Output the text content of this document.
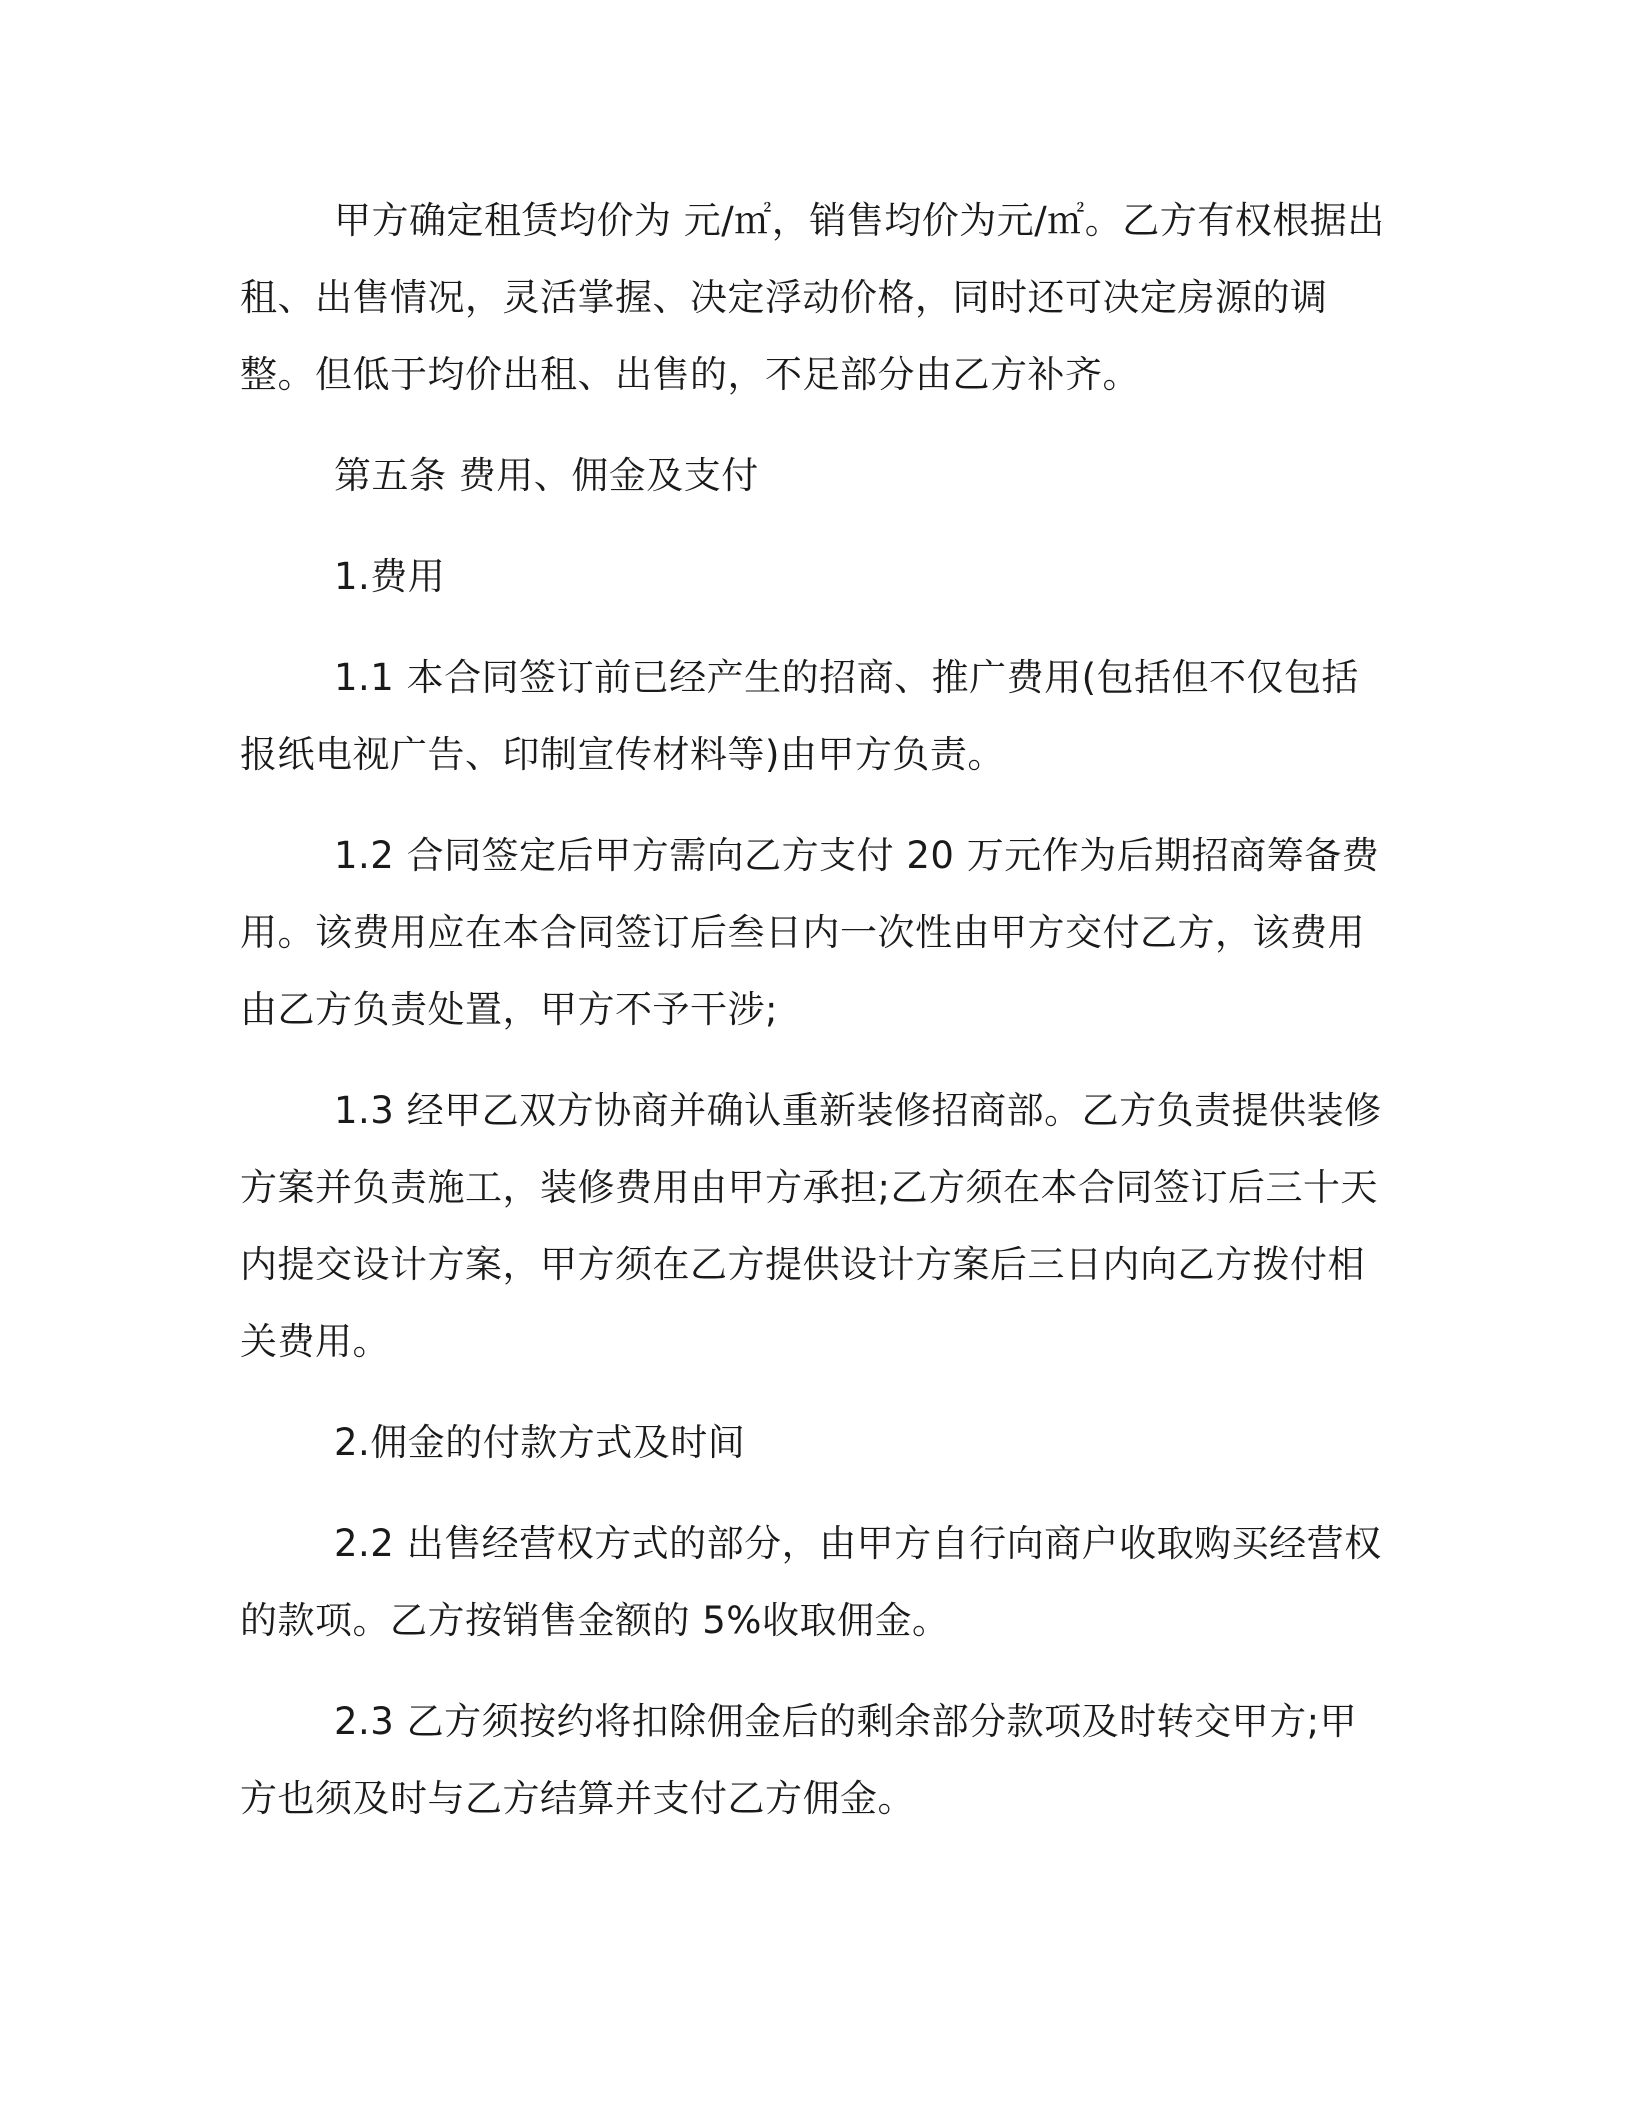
甲方确定租赁均价为 元/㎡，销售均价为元/㎡。乙方有权根据出租、出售情况，灵活掌握、决定浮动价格，同时还可决定房源的调整。但低于均价出租、出售的，不足部分由乙方补齐。

第五条 费用、佣金及支付

1.费用

1.1 本合同签订前已经产生的招商、推广费用(包括但不仅包括报纸电视广告、印制宣传材料等)由甲方负责。

1.2 合同签定后甲方需向乙方支付 20 万元作为后期招商筹备费用。该费用应在本合同签订后叁日内一次性由甲方交付乙方，该费用由乙方负责处置，甲方不予干涉;

1.3 经甲乙双方协商并确认重新装修招商部。乙方负责提供装修方案并负责施工，装修费用由甲方承担;乙方须在本合同签订后三十天内提交设计方案，甲方须在乙方提供设计方案后三日内向乙方拨付相关费用。

2.佣金的付款方式及时间

2.2 出售经营权方式的部分，由甲方自行向商户收取购买经营权的款项。乙方按销售金额的 5%收取佣金。

2.3 乙方须按约将扣除佣金后的剩余部分款项及时转交甲方;甲方也须及时与乙方结算并支付乙方佣金。
